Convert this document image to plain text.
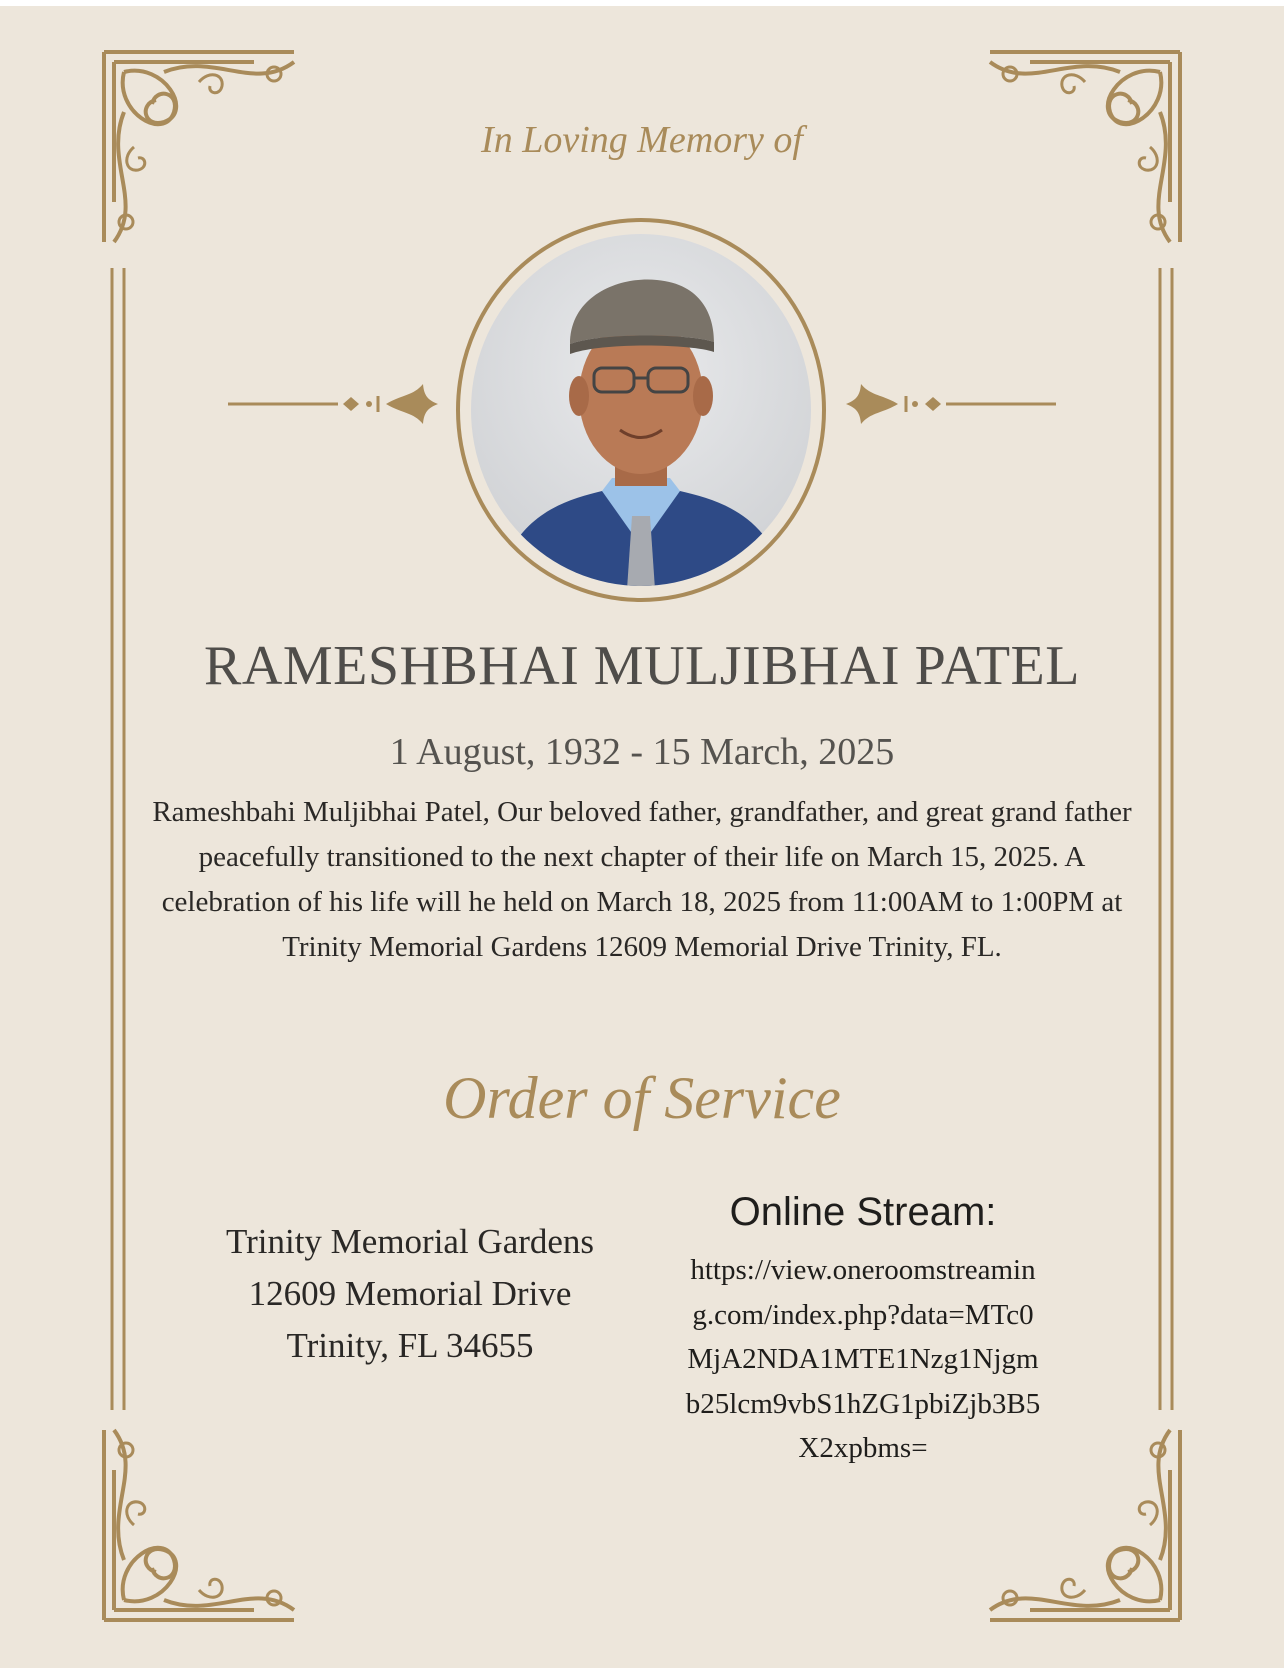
In Loving Memory of
RAMESHBHAI MULJIBHAI PATEL
1 August, 1932 - 15 March, 2025
Rameshbahi Muljibhai Patel, Our beloved father, grandfather, and great grand father peacefully transitioned to the next chapter of their life on March 15, 2025. A celebration of his life will he held on March 18, 2025 from 11:00AM to 1:00PM at Trinity Memorial Gardens 12609 Memorial Drive Trinity, FL.
Order of Service
Trinity Memorial Gardens
12609 Memorial Drive
Trinity, FL 34655
Online Stream:
https://view.oneroomstreaming.com/index.php?data=MTc0MjA2NDA1MTE1Nzg1Njgmb25lcm9vbS1hZG1pbiZjb3B5X2xpbms=
